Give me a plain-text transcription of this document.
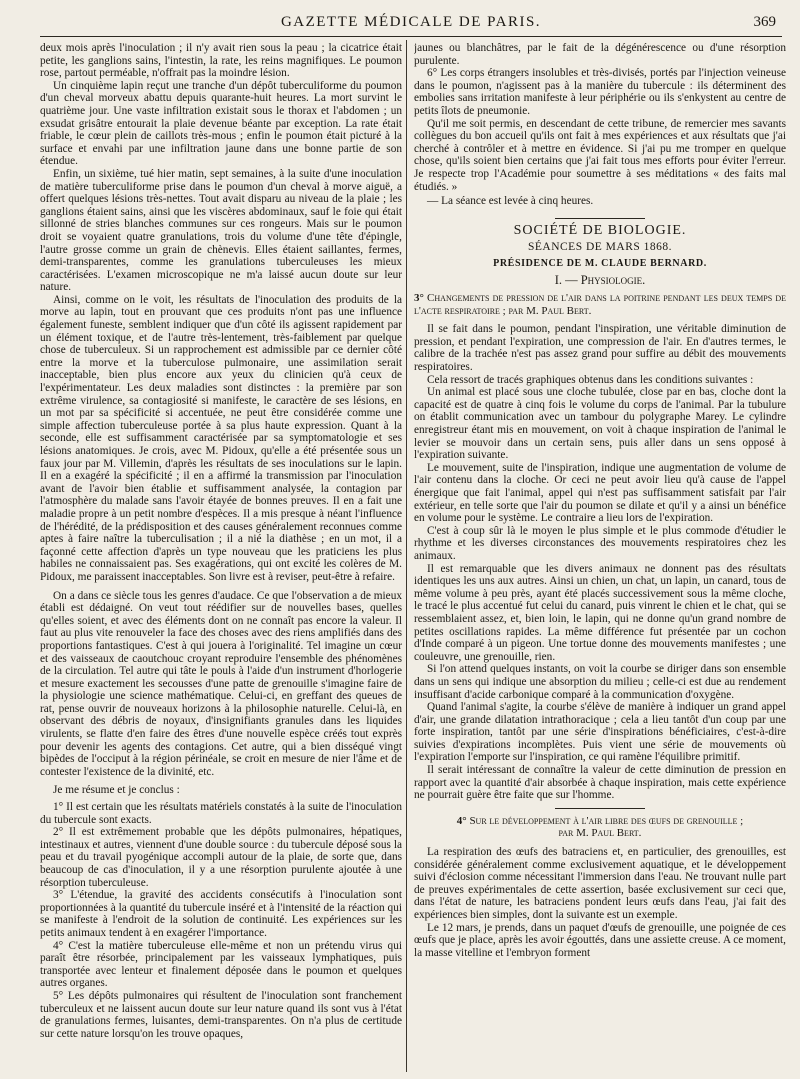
GAZETTE MÉDICALE DE PARIS.	369

deux mois après l'inoculation ; il n'y avait rien sous la peau ; la cicatrice était petite, les ganglions sains, l'intestin, la rate, les reins magnifiques. Le poumon rose, partout perméable, n'offrait pas la moindre lésion.

Un cinquième lapin reçut une tranche d'un dépôt tuberculiforme du poumon d'un cheval morveux abattu depuis quarante-huit heures. La mort survint le quatrième jour. Une vaste infiltration existait sous le thorax et l'abdomen ; un exsudat grisâtre entourait la plaie devenue béante par exception. La rate était friable, le cœur plein de caillots très-mous ; enfin le poumon était picturé à la surface et envahi par une infiltration jaune dans une bonne partie de son étendue.

Enfin, un sixième, tué hier matin, sept semaines, à la suite d'une inoculation de matière tuberculiforme prise dans le poumon d'un cheval à morve aiguë, a offert quelques lésions très-nettes. Tout avait disparu au niveau de la plaie ; les ganglions étaient sains, ainsi que les viscères abdominaux, sauf le foie qui était sillonné de stries blanches communes sur ces rongeurs. Mais sur le poumon droit se voyaient quatre granulations, trois du volume d'une tête d'épingle, l'autre grosse comme un grain de chènevis. Elles étaient saillantes, fermes, demi-transparentes, comme les granulations tuberculeuses les mieux caractérisées. L'examen microscopique ne m'a laissé aucun doute sur leur nature.

Ainsi, comme on le voit, les résultats de l'inoculation des produits de la morve au lapin, tout en prouvant que ces produits n'ont pas une influence également funeste, semblent indiquer que d'un côté ils agissent rapidement par un élément toxique, et de l'autre très-lentement, très-faiblement par quelque chose de tuberculeux. Si un rapprochement est admissible par ce dernier côté entre la morve et la tuberculose pulmonaire, une assimilation serait inacceptable, bien plus encore aux yeux du clinicien qu'à ceux de l'expérimentateur. Les deux maladies sont distinctes : la première par son extrême virulence, sa contagiosité si manifeste, le caractère de ses lésions, en un mot par sa spécificité si accentuée, ne peut être considérée comme une simple affection tuberculeuse portée à sa plus haute expression. Quant à la seconde, elle est suffisamment caractérisée par sa symptomatologie et ses lésions anatomiques. Je crois, avec M. Pidoux, qu'elle a été présentée sous un faux jour par M. Villemin, d'après les résultats de ses inoculations sur le lapin. Il en a exagéré la spécificité ; il en a affirmé la transmission par l'inoculation avant de l'avoir bien établie et suffisamment analysée, la contagion par l'atmosphère du malade sans l'avoir étayée de bonnes preuves. Il en a fait une maladie propre à un petit nombre d'espèces. Il a mis presque à néant l'influence de l'hérédité, de la prédisposition et des causes généralement reconnues comme aptes à faire naître la tuberculisation ; il a nié la diathèse ; en un mot, il a façonné cette affection d'après un type nouveau que les praticiens les plus habiles ne connaissaient pas. Ses exagérations, qui ont excité les colères de M. Pidoux, me paraissent inacceptables. Son livre est à reviser, peut-être à refaire.

On a dans ce siècle tous les genres d'audace. Ce que l'observation a de mieux établi est dédaigné. On veut tout réédifier sur de nouvelles bases, quelles qu'elles soient, et avec des éléments dont on ne connaît pas encore la valeur. Il faut au plus vite renouveler la face des choses avec des riens amplifiés dans des proportions fantastiques. C'est à qui jouera à l'originalité. Tel imagine un cœur et des vaisseaux de caoutchouc croyant reproduire l'ensemble des phénomènes de la circulation. Tel autre qui tâte le pouls à l'aide d'un instrument d'horlogerie et mesure exactement les secousses d'une patte de grenouille s'imagine faire de la physiologie une science mathématique. Celui-ci, en greffant des queues de rat, pense ouvrir de nouveaux horizons à la philosophie naturelle. Celui-là, en observant des débris de noyaux, d'insignifiants granules dans les liquides virulents, se flatte d'en faire des êtres d'une nouvelle espèce créés tout exprès pour devenir les agents des contagions. Cet autre, qui a bien disséqué vingt bipèdes de l'occiput à la région périnéale, se croit en mesure de nier l'âme et de contester l'existence de la divinité, etc.

Je me résume et je conclus :

1° Il est certain que les résultats matériels constatés à la suite de l'inoculation du tubercule sont exacts.

2° Il est extrêmement probable que les dépôts pulmonaires, hépatiques, intestinaux et autres, viennent d'une double source : du tubercule déposé sous la peau et du travail pyogénique accompli autour de la plaie, de sorte que, dans beaucoup de cas d'inoculation, il y a une résorption purulente ajoutée à une résorption tuberculeuse.

3° L'étendue, la gravité des accidents consécutifs à l'inoculation sont proportionnées à la quantité du tubercule inséré et à l'intensité de la réaction qui se manifeste à l'endroit de la solution de continuité. Les expériences sur les petits animaux tendent à en exagérer l'importance.

4° C'est la matière tuberculeuse elle-même et non un prétendu virus qui paraît être résorbée, principalement par les vaisseaux lymphatiques, puis transportée avec lenteur et finalement déposée dans le poumon et quelques autres organes.

5° Les dépôts pulmonaires qui résultent de l'inoculation sont franchement tuberculeux et ne laissent aucun doute sur leur nature quand ils sont vus à l'état de granulations fermes, luisantes, demi-transparentes. On n'a plus de certitude sur cette nature lorsqu'on les trouve opaques,

jaunes ou blanchâtres, par le fait de la dégénérescence ou d'une résorption purulente.

6° Les corps étrangers insolubles et très-divisés, portés par l'injection veineuse dans le poumon, n'agissent pas à la manière du tubercule : ils déterminent des embolies sans irritation manifeste à leur périphérie ou ils s'enkystent au centre de petits îlots de pneumonie.

Qu'il me soit permis, en descendant de cette tribune, de remercier mes savants collègues du bon accueil qu'ils ont fait à mes expériences et aux résultats que j'ai cherché à contrôler et à mettre en évidence. Si j'ai pu me tromper en quelque chose, qu'ils soient bien certains que j'ai fait tous mes efforts pour éviter l'erreur. Je respecte trop l'Académie pour soumettre à ses méditations « des faits mal étudiés. »

— La séance est levée à cinq heures.

SOCIÉTÉ DE BIOLOGIE.

SÉANCES DE MARS 1868.

PRÉSIDENCE DE M. CLAUDE BERNARD.

I. — Physiologie.

3° Changements de pression de l'air dans la poitrine pendant les deux temps de l'acte respiratoire ; par M. Paul Bert.

Il se fait dans le poumon, pendant l'inspiration, une véritable diminution de pression, et pendant l'expiration, une compression de l'air. En d'autres termes, le calibre de la trachée n'est pas assez grand pour suffire au débit des mouvements respiratoires.

Cela ressort de tracés graphiques obtenus dans les conditions suivantes :

Un animal est placé sous une cloche tubulée, close par en bas, cloche dont la capacité est de quatre à cinq fois le volume du corps de l'animal. Par la tubulure on établit communication avec un tambour du polygraphe Marey. Le cylindre enregistreur étant mis en mouvement, on voit à chaque inspiration de l'animal le levier se mouvoir dans un certain sens, puis aller dans un sens opposé à l'expiration suivante.

Le mouvement, suite de l'inspiration, indique une augmentation de volume de l'air contenu dans la cloche. Or ceci ne peut avoir lieu qu'à cause de l'appel énergique que fait l'animal, appel qui n'est pas suffisamment satisfait par l'air extérieur, en telle sorte que l'air du poumon se dilate et qu'il y a ainsi un bénéfice en volume pour le système. Le contraire a lieu lors de l'expiration.

C'est à coup sûr là le moyen le plus simple et le plus commode d'étudier le rhythme et les diverses circonstances des mouvements respiratoires chez les animaux.

Il est remarquable que les divers animaux ne donnent pas des résultats identiques les uns aux autres. Ainsi un chien, un chat, un lapin, un canard, tous de même volume à peu près, ayant été placés successivement sous la même cloche, le tracé le plus accentué fut celui du canard, puis vinrent le chien et le chat, qui se ressemblaient assez, et, bien loin, le lapin, qui ne donne qu'un grand nombre de petites oscillations rapides. La même différence fut présentée par un cochon d'Inde comparé à un pigeon. Une tortue donne des mouvements manifestes ; une couleuvre, une grenouille, rien.

Si l'on attend quelques instants, on voit la courbe se diriger dans son ensemble dans un sens qui indique une absorption du milieu ; celle-ci est due au rendement insuffisant d'acide carbonique comparé à la communication d'oxygène.

Quand l'animal s'agite, la courbe s'élève de manière à indiquer un grand appel d'air, une grande dilatation intrathoracique ; cela a lieu tantôt d'un coup par une forte inspiration, tantôt par une série d'inspirations bénéficiaires, c'est-à-dire suivies d'expirations incomplètes. Puis vient une série de mouvements où l'expiration l'emporte sur l'inspiration, ce qui ramène l'équilibre primitif.

Il serait intéressant de connaître la valeur de cette diminution de pression en rapport avec la quantité d'air absorbée à chaque inspiration, mais cette expérience ne pourrait guère être faite que sur l'homme.

4° Sur le développement à l'air libre des œufs de grenouille ;
par M. Paul Bert.

La respiration des œufs des batraciens et, en particulier, des grenouilles, est considérée généralement comme exclusivement aquatique, et le développement suivi d'éclosion comme nécessitant l'immersion dans l'eau. Ne trouvant nulle part de preuves expérimentales de cette assertion, basée exclusivement sur ceci que, dans l'état de nature, les batraciens pondent leurs œufs dans l'eau, j'ai fait des expériences bien simples, dont la suivante est un exemple.

Le 12 mars, je prends, dans un paquet d'œufs de grenouille, une poignée de ces œufs que je place, après les avoir égouttés, dans une assiette creuse. A ce moment, la masse vitelline et l'embryon forment
